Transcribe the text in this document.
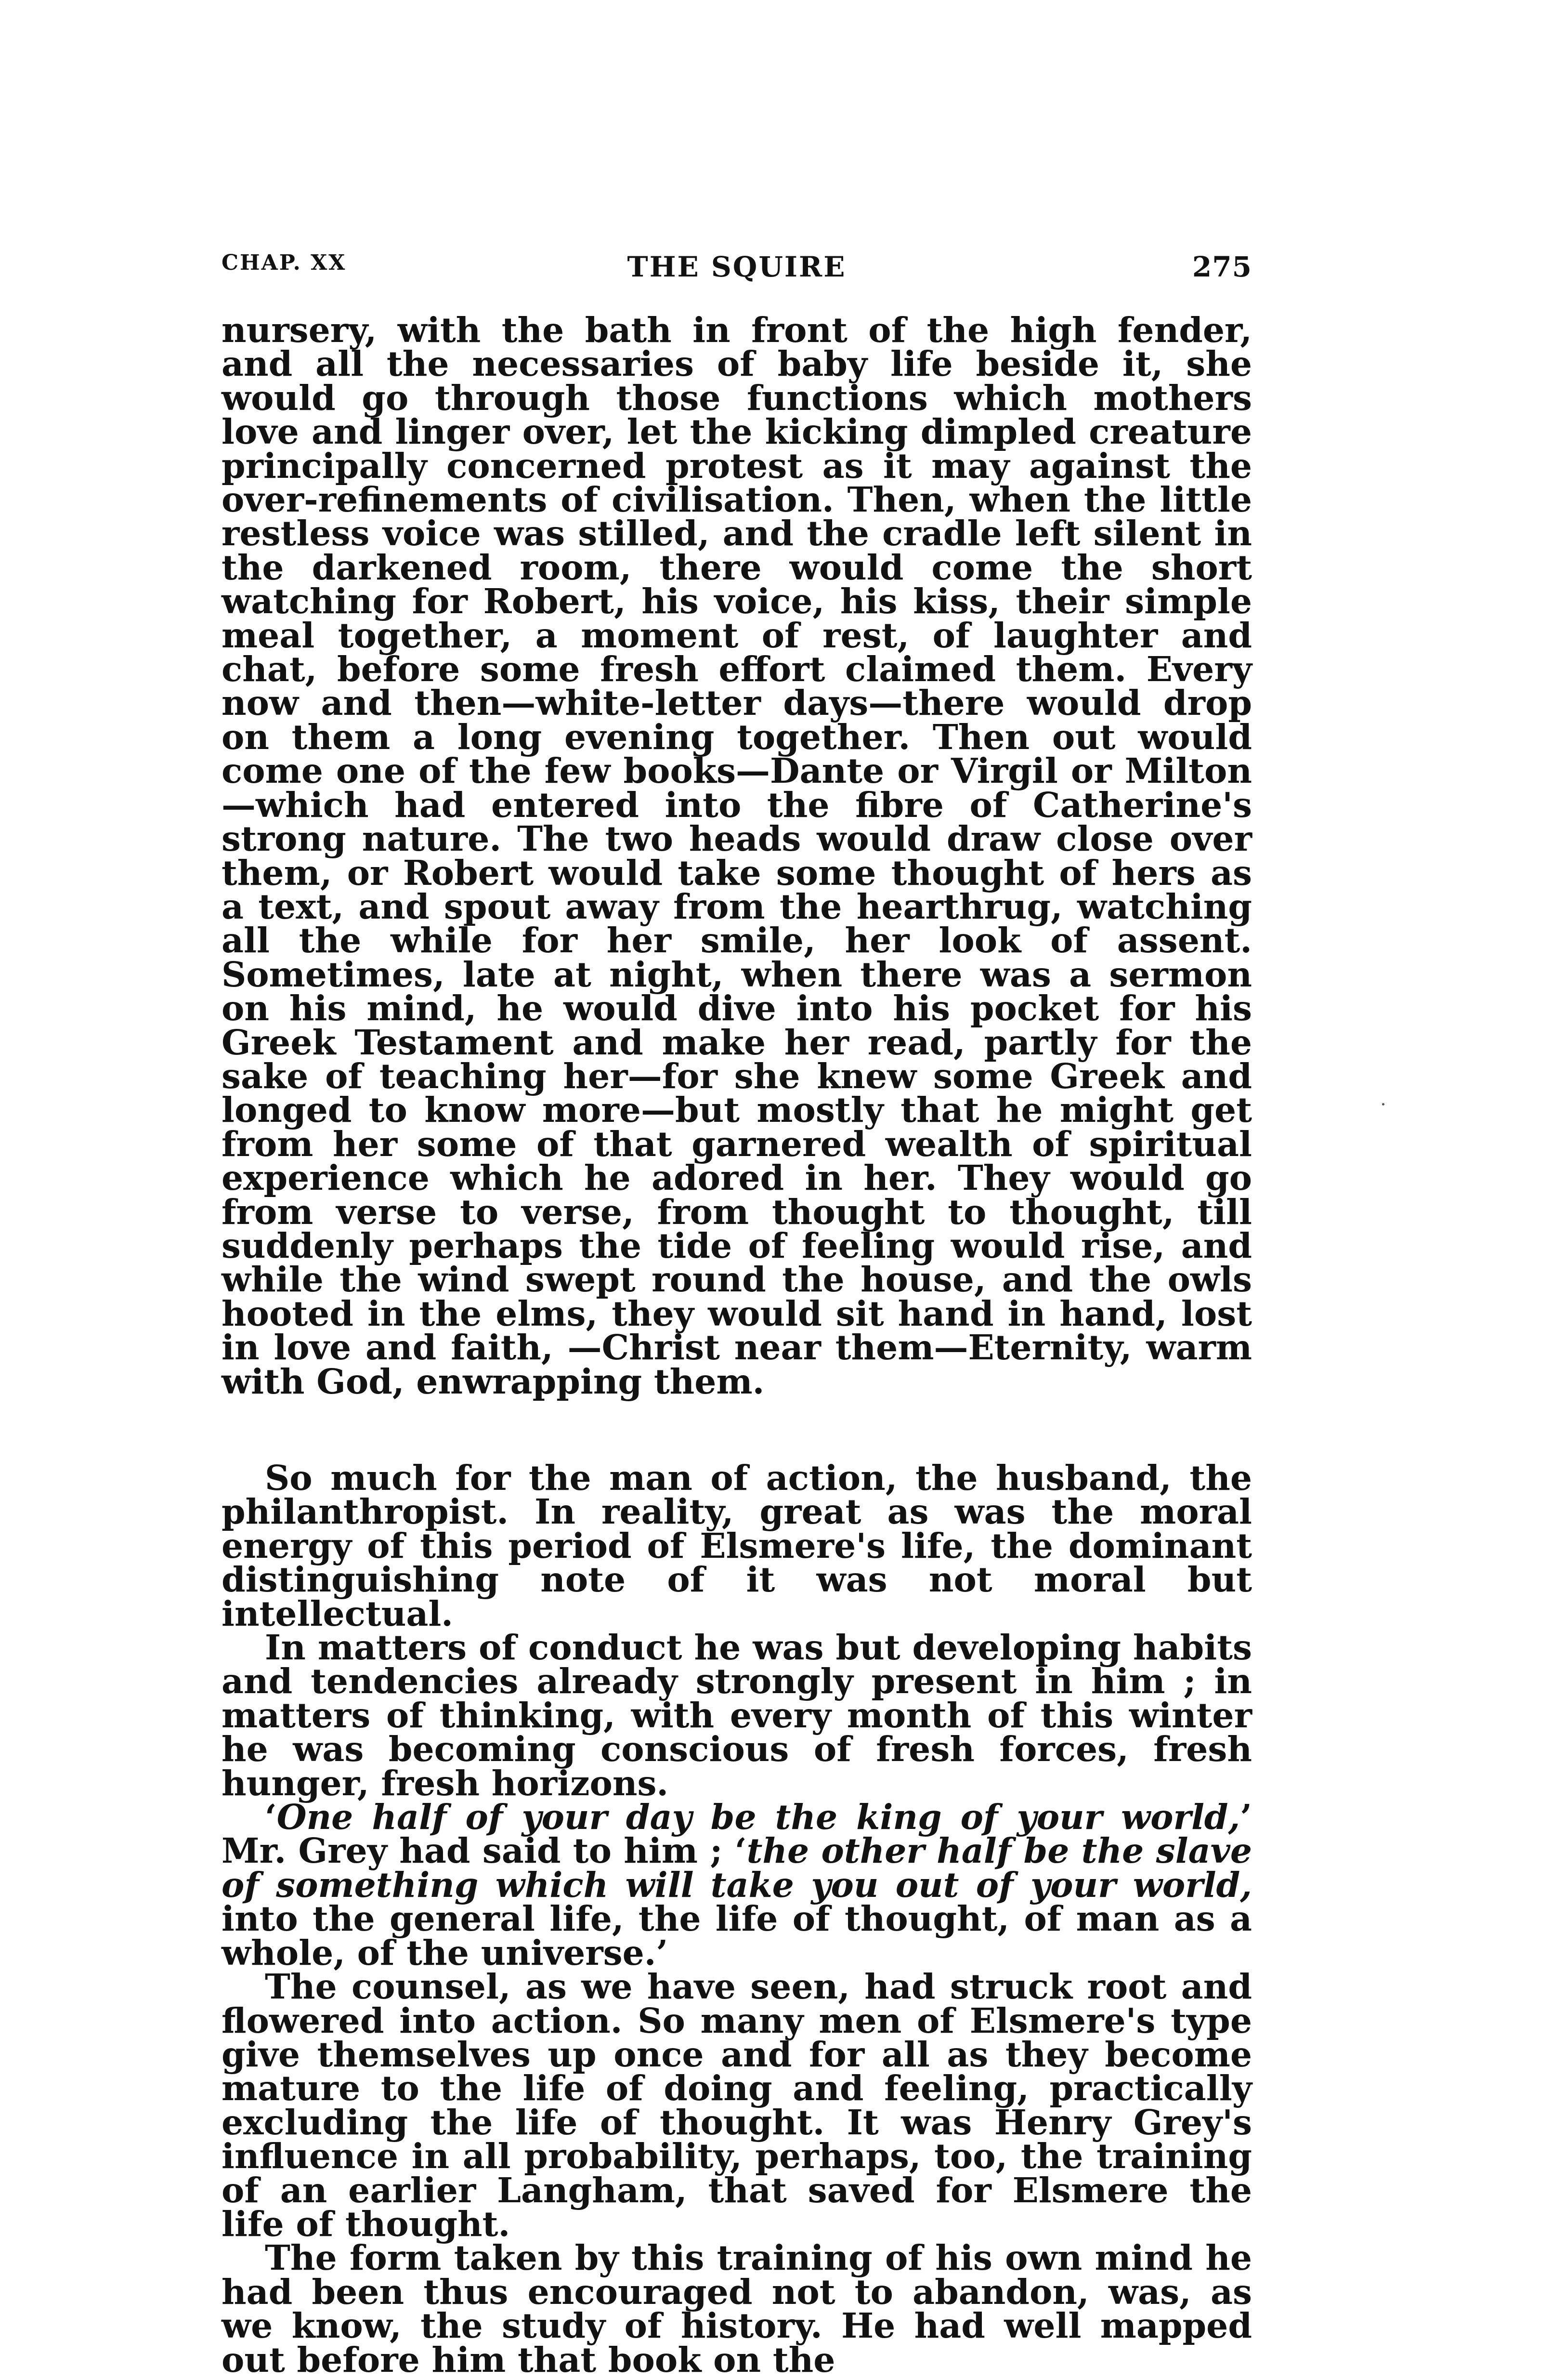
CHAP. XX	THE SQUIRE	275

nursery, with the bath in front of the high fender, and all the necessaries of baby life beside it, she would go through those functions which mothers love and linger over, let the kicking dimpled creature principally concerned protest as it may against the over-refinements of civilisation. Then, when the little restless voice was stilled, and the cradle left silent in the darkened room, there would come the short watching for Robert, his voice, his kiss, their simple meal together, a moment of rest, of laughter and chat, before some fresh effort claimed them. Every now and then—white-letter days—there would drop on them a long evening together. Then out would come one of the few books—Dante or Virgil or Milton—which had entered into the fibre of Catherine's strong nature. The two heads would draw close over them, or Robert would take some thought of hers as a text, and spout away from the hearthrug, watching all the while for her smile, her look of assent. Sometimes, late at night, when there was a sermon on his mind, he would dive into his pocket for his Greek Testament and make her read, partly for the sake of teaching her—for she knew some Greek and longed to know more—but mostly that he might get from her some of that garnered wealth of spiritual experience which he adored in her. They would go from verse to verse, from thought to thought, till suddenly perhaps the tide of feeling would rise, and while the wind swept round the house, and the owls hooted in the elms, they would sit hand in hand, lost in love and faith, —Christ near them—Eternity, warm with God, enwrapping them.

So much for the man of action, the husband, the philanthropist. In reality, great as was the moral energy of this period of Elsmere's life, the dominant distinguishing note of it was not moral but intellectual.

In matters of conduct he was but developing habits and tendencies already strongly present in him ; in matters of thinking, with every month of this winter he was becoming conscious of fresh forces, fresh hunger, fresh horizons.

‘One half of your day be the king of your world,’ Mr. Grey had said to him ; ‘the other half be the slave of something which will take you out of your world, into the general life, the life of thought, of man as a whole, of the universe.’

The counsel, as we have seen, had struck root and flowered into action. So many men of Elsmere's type give themselves up once and for all as they become mature to the life of doing and feeling, practically excluding the life of thought. It was Henry Grey's influence in all probability, perhaps, too, the training of an earlier Langham, that saved for Elsmere the life of thought.

The form taken by this training of his own mind he had been thus encouraged not to abandon, was, as we know, the study of history. He had well mapped out before him that book on the
